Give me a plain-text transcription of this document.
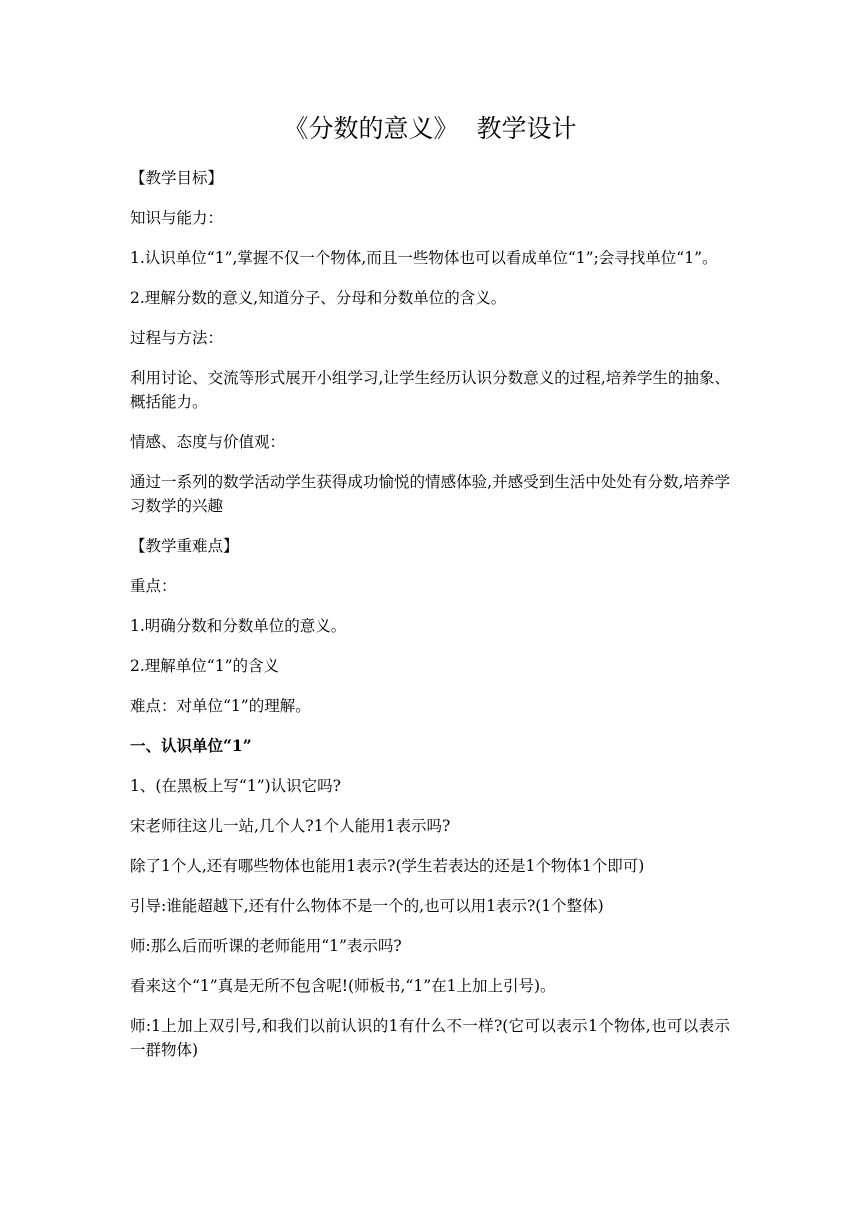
《分数的意义》 教学设计

【教学目标】

知识与能力：

1.认识单位“1”,掌握不仅一个物体,而且一些物体也可以看成单位“1”;会寻找单位“1”。

2.理解分数的意义,知道分子、分母和分数单位的含义。

过程与方法：

利用讨论、交流等形式展开小组学习,让学生经历认识分数意义的过程,培养学生的抽象、概括能力。

情感、态度与价值观：

通过一系列的数学活动学生获得成功愉悦的情感体验,并感受到生活中处处有分数,培养学习数学的兴趣

【教学重难点】

重点：

1.明确分数和分数单位的意义。

2.理解单位“1”的含义

难点：对单位“1”的理解。

一、认识单位“1”

1、(在黑板上写“1”)认识它吗?

宋老师往这儿一站,几个人?1个人能用1表示吗?

除了1个人,还有哪些物体也能用1表示?(学生若表达的还是1个物体1个即可)

引导:谁能超越下,还有什么物体不是一个的,也可以用1表示?(1个整体)

师:那么后而听课的老师能用“1”表示吗?

看来这个“1”真是无所不包含呢!(师板书,“1”在1上加上引号)。

师:1上加上双引号,和我们以前认识的1有什么不一样?(它可以表示1个物体,也可以表示一群物体)
